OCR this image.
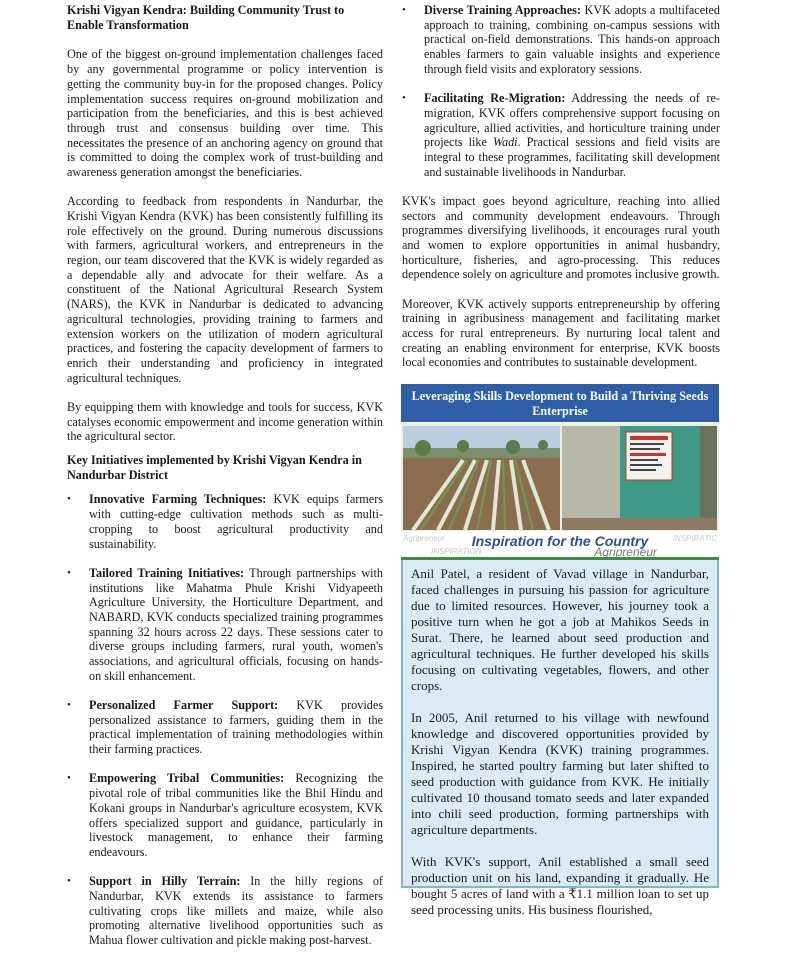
Krishi Vigyan Kendra: Building Community Trust to Enable Transformation

One of the biggest on-ground implementation challenges faced by any governmental programme or policy intervention is getting the community buy-in for the proposed changes. Policy implementation success requires on-ground mobilization and participation from the beneficiaries, and this is best achieved through trust and consensus building over time. This necessitates the presence of an anchoring agency on ground that is committed to doing the complex work of trust-building and awareness generation amongst the beneficiaries.

According to feedback from respondents in Nandurbar, the Krishi Vigyan Kendra (KVK) has been consistently fulfilling its role effectively on the ground. During numerous discussions with farmers, agricultural workers, and entrepreneurs in the region, our team discovered that the KVK is widely regarded as a dependable ally and advocate for their welfare. As a constituent of the National Agricultural Research System (NARS), the KVK in Nandurbar is dedicated to advancing agricultural technologies, providing training to farmers and extension workers on the utilization of modern agricultural practices, and fostering the capacity development of farmers to enrich their understanding and proficiency in integrated agricultural techniques.

By equipping them with knowledge and tools for success, KVK catalyses economic empowerment and income generation within the agricultural sector.

Key Initiatives implemented by Krishi Vigyan Kendra in Nandurbar District
•	Innovative Farming Techniques: KVK equips farmers with cutting-edge cultivation methods such as multi-cropping to boost agricultural productivity and sustainability.
•	Tailored Training Initiatives: Through partnerships with institutions like Mahatma Phule Krishi Vidyapeeth Agriculture University, the Horticulture Department, and NABARD, KVK conducts specialized training programmes spanning 32 hours across 22 days. These sessions cater to diverse groups including farmers, rural youth, women's associations, and agricultural officials, focusing on hands-on skill enhancement.
•	Personalized Farmer Support: KVK provides personalized assistance to farmers, guiding them in the practical implementation of training methodologies within their farming practices.
•	Empowering Tribal Communities: Recognizing the pivotal role of tribal communities like the Bhil Hindu and Kokani groups in Nandurbar's agriculture ecosystem, KVK offers specialized support and guidance, particularly in livestock management, to enhance their farming endeavours.
•	Support in Hilly Terrain: In the hilly regions of Nandurbar, KVK extends its assistance to farmers cultivating crops like millets and maize, while also promoting alternative livelihood opportunities such as Mahua flower cultivation and pickle making post-harvest.
•	Diverse Training Approaches: KVK adopts a multifaceted approach to training, combining on-campus sessions with practical on-field demonstrations. This hands-on approach enables farmers to gain valuable insights and experience through field visits and exploratory sessions.
•	Facilitating Re-Migration: Addressing the needs of re-migration, KVK offers comprehensive support focusing on agriculture, allied activities, and horticulture training under projects like Wadi. Practical sessions and field visits are integral to these programmes, facilitating skill development and sustainable livelihoods in Nandurbar.

KVK's impact goes beyond agriculture, reaching into allied sectors and community development endeavours. Through programmes diversifying livelihoods, it encourages rural youth and women to explore opportunities in animal husbandry, horticulture, fisheries, and agro-processing. This reduces dependence solely on agriculture and promotes inclusive growth.

Moreover, KVK actively supports entrepreneurship by offering training in agribusiness management and facilitating market access for rural entrepreneurs. By nurturing local talent and creating an enabling environment for enterprise, KVK boosts local economies and contributes to sustainable development.

Leveraging Skills Development to Build a Thriving Seeds Enterprise
Agripreneur
INSPIRATION
INSPIRATIC
Inspiration for the Country
Agripreneur

Anil Patel, a resident of Vavad village in Nandurbar, faced challenges in pursuing his passion for agriculture due to limited resources. However, his journey took a positive turn when he got a job at Mahikos Seeds in Surat. There, he learned about seed production and agricultural techniques. He further developed his skills focusing on cultivating vegetables, flowers, and other crops.

In 2005, Anil returned to his village with newfound knowledge and discovered opportunities provided by Krishi Vigyan Kendra (KVK) training programmes. Inspired, he started poultry farming but later shifted to seed production with guidance from KVK. He initially cultivated 10 thousand tomato seeds and later expanded into chili seed production, forming partnerships with agriculture departments.

With KVK's support, Anil established a small seed production unit on his land, expanding it gradually. He bought 5 acres of land with a ₹1.1 million loan to set up seed processing units. His business flourished,
